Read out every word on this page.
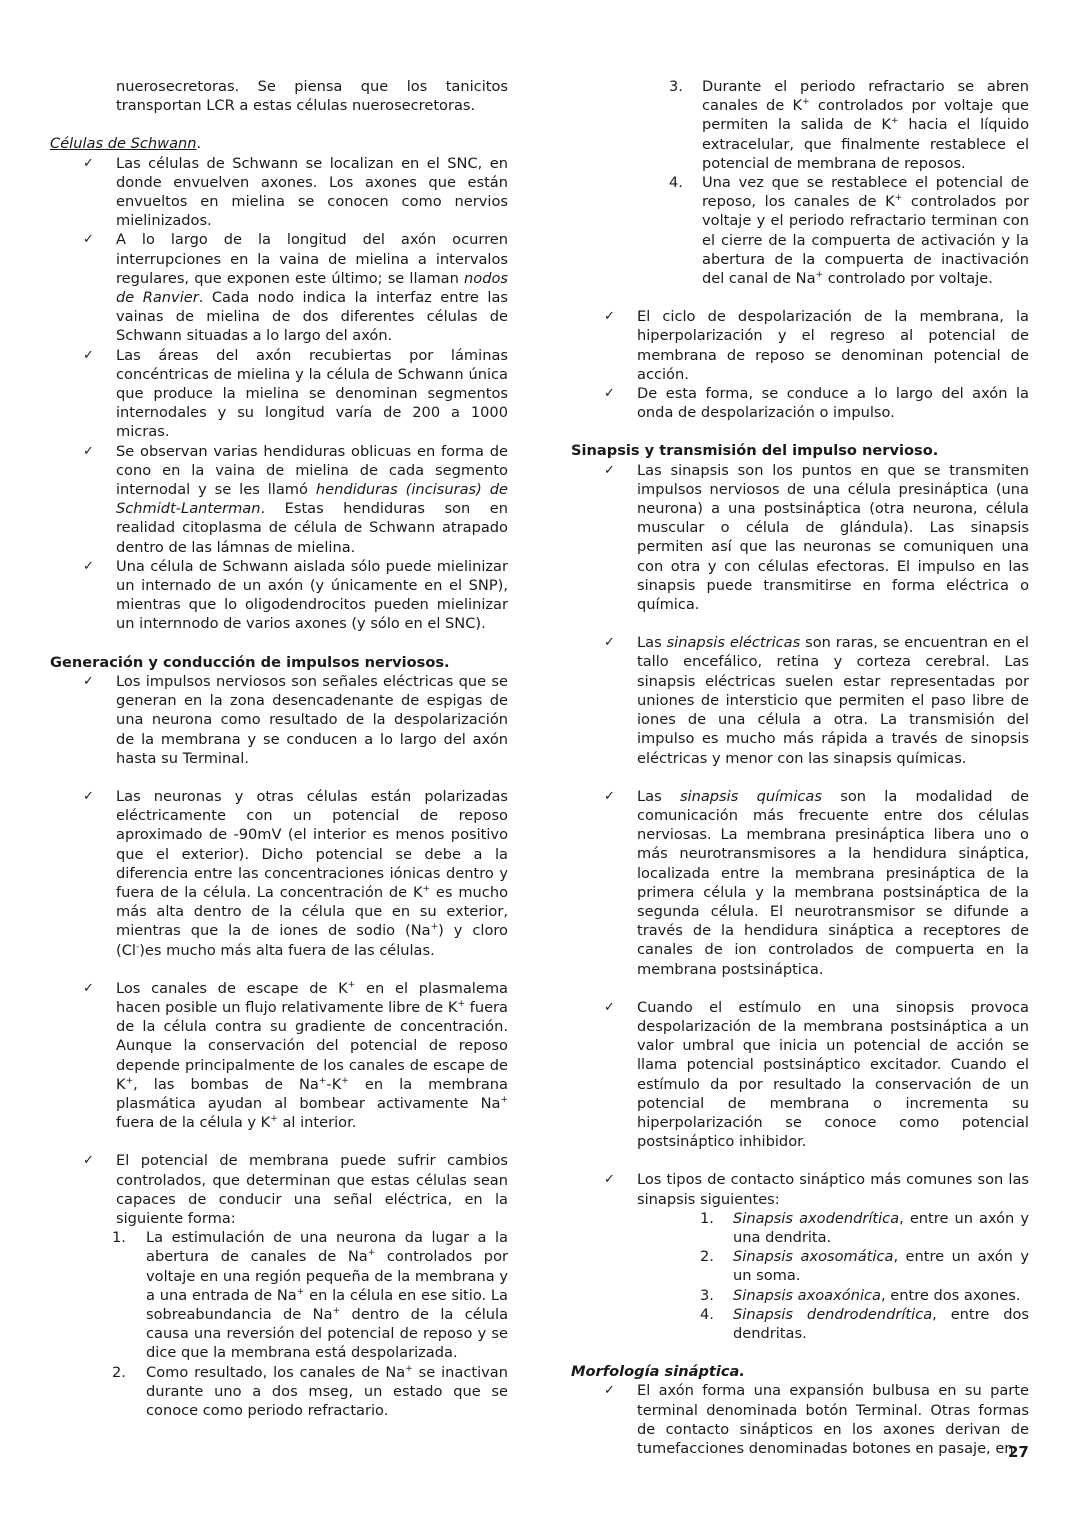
nuerosecretoras. Se piensa que los tanicitos transportan LCR a estas células nuerosecretoras.

Células de Schwann.
✓ Las células de Schwann se localizan en el SNC, en donde envuelven axones. Los axones que están envueltos en mielina se conocen como nervios mielinizados.
✓ A lo largo de la longitud del axón ocurren interrupciones en la vaina de mielina a intervalos regulares, que exponen este último; se llaman nodos de Ranvier. Cada nodo indica la interfaz entre las vainas de mielina de dos diferentes células de Schwann situadas a lo largo del axón.
✓ Las áreas del axón recubiertas por láminas concéntricas de mielina y la célula de Schwann única que produce la mielina se denominan segmentos internodales y su longitud varía de 200 a 1000 micras.
✓ Se observan varias hendiduras oblicuas en forma de cono en la vaina de mielina de cada segmento internodal y se les llamó hendiduras (incisuras) de Schmidt-Lanterman. Estas hendiduras son en realidad citoplasma de célula de Schwann atrapado dentro de las lámnas de mielina.
✓ Una célula de Schwann aislada sólo puede mielinizar un internado de un axón (y únicamente en el SNP), mientras que lo oligodendrocitos pueden mielinizar un internnodo de varios axones (y sólo en el SNC).

Generación y conducción de impulsos nerviosos.

✓ Los impulsos nerviosos son señales eléctricas que se generan en la zona desencadenante de espigas de una neurona como resultado de la despolarización de la membrana y se conducen a lo largo del axón hasta su Terminal.
✓ Las neuronas y otras células están polarizadas eléctricamente con un potencial de reposo aproximado de -90mV (el interior es menos positivo que el exterior). Dicho potencial se debe a la diferencia entre las concentraciones iónicas dentro y fuera de la célula. La concentración de K+ es mucho más alta dentro de la célula que en su exterior, mientras que la de iones de sodio (Na+) y cloro (Cl-)es mucho más alta fuera de las células.
✓ Los canales de escape de K+ en el plasmalema hacen posible un flujo relativamente libre de K+ fuera de la célula contra su gradiente de concentración. Aunque la conservación del potencial de reposo depende principalmente de los canales de escape de K+, las bombas de Na+-K+ en la membrana plasmática ayudan al bombear activamente Na+ fuera de la célula y K+ al interior.
✓ El potencial de membrana puede sufrir cambios controlados, que determinan que estas células sean capaces de conducir una señal eléctrica, en la siguiente forma:
1. La estimulación de una neurona da lugar a la abertura de canales de Na+ controlados por voltaje en una región pequeña de la membrana y a una entrada de Na+ en la célula en ese sitio. La sobreabundancia de Na+ dentro de la célula causa una reversión del potencial de reposo y se dice que la membrana está despolarizada.
2. Como resultado, los canales de Na+ se inactivan durante uno a dos mseg, un estado que se conoce como periodo refractario.
3. Durante el periodo refractario se abren canales de K+ controlados por voltaje que permiten la salida de K+ hacia el líquido extracelular, que finalmente restablece el potencial de membrana de reposos.
4. Una vez que se restablece el potencial de reposo, los canales de K+ controlados por voltaje y el periodo refractario terminan con el cierre de la compuerta de activación y la abertura de la compuerta de inactivación del canal de Na+ controlado por voltaje.
✓ El ciclo de despolarización de la membrana, la hiperpolarización y el regreso al potencial de membrana de reposo se denominan potencial de acción.
✓ De esta forma, se conduce a lo largo del axón la onda de despolarización o impulso.

Sinapsis y transmisión del impulso nervioso.

✓ Las sinapsis son los puntos en que se transmiten impulsos nerviosos de una célula presináptica (una neurona) a una postsináptica (otra neurona, célula muscular o célula de glándula). Las sinapsis permiten así que las neuronas se comuniquen una con otra y con células efectoras. El impulso en las sinapsis puede transmitirse en forma eléctrica o química.
✓ Las sinapsis eléctricas son raras, se encuentran en el tallo encefálico, retina y corteza cerebral. Las sinapsis eléctricas suelen estar representadas por uniones de intersticio que permiten el paso libre de iones de una célula a otra. La transmisión del impulso es mucho más rápida a través de sinopsis eléctricas y menor con las sinapsis químicas.
✓ Las sinapsis químicas son la modalidad de comunicación más frecuente entre dos células nerviosas. La membrana presináptica libera uno o más neurotransmisores a la hendidura sináptica, localizada entre la membrana presináptica de la primera célula y la membrana postsináptica de la segunda célula. El neurotransmisor se difunde a través de la hendidura sináptica a receptores de canales de ion controlados de compuerta en la membrana postsináptica.
✓ Cuando el estímulo en una sinopsis provoca despolarización de la membrana postsináptica a un valor umbral que inicia un potencial de acción se llama potencial postsináptico excitador. Cuando el estímulo da por resultado la conservación de un potencial de membrana o incrementa su hiperpolarización se conoce como potencial postsináptico inhibidor.
✓ Los tipos de contacto sináptico más comunes son las sinapsis siguientes:
1. Sinapsis axodendrítica, entre un axón y una dendrita.
2. Sinapsis axosomática, entre un axón y un soma.
3. Sinapsis axoaxónica, entre dos axones.
4. Sinapsis dendrodendrítica, entre dos dendritas.

Morfología sináptica.

✓ El axón forma una expansión bulbusa en su parte terminal denominada botón Terminal. Otras formas de contacto sinápticos en los axones derivan de tumefacciones denominadas botones en pasaje, en
27
